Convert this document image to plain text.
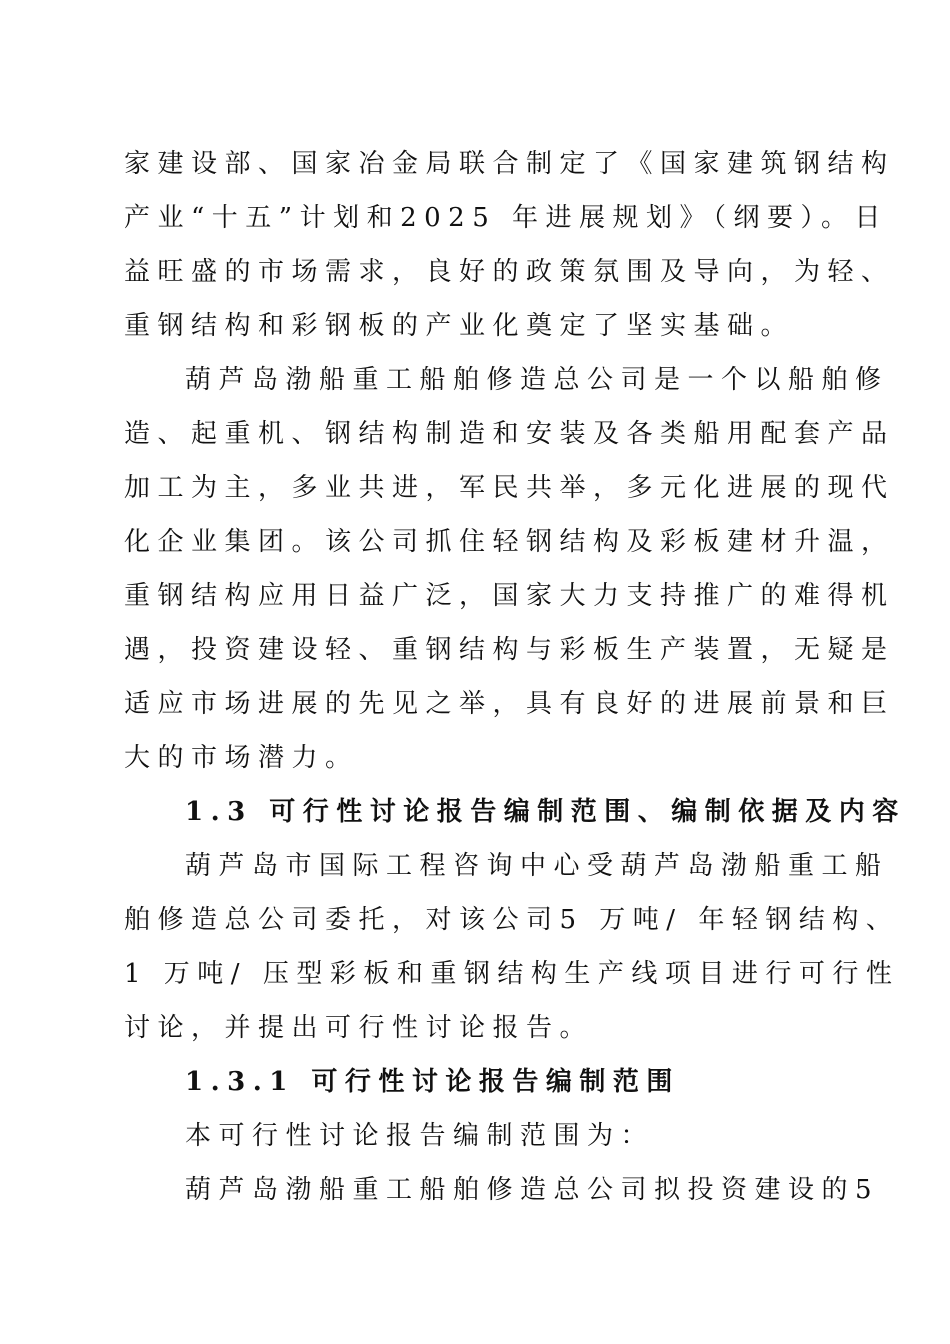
家建设部、国家冶金局联合制定了《国家建筑钢结构
产业“十五”计划和2025 年进展规划》（纲要）。日
益旺盛的市场需求，良好的政策氛围及导向，为轻、
重钢结构和彩钢板的产业化奠定了坚实基础。
葫芦岛渤船重工船舶修造总公司是一个以船舶修
造、起重机、钢结构制造和安装及各类船用配套产品
加工为主，多业共进，军民共举，多元化进展的现代
化企业集团。该公司抓住轻钢结构及彩板建材升温，
重钢结构应用日益广泛，国家大力支持推广的难得机
遇，投资建设轻、重钢结构与彩板生产装置，无疑是
适应市场进展的先见之举，具有良好的进展前景和巨
大的市场潜力。
1.3 可行性讨论报告编制范围、编制依据及内容
葫芦岛市国际工程咨询中心受葫芦岛渤船重工船
舶修造总公司委托，对该公司5 万吨/ 年轻钢结构、
1 万吨/ 压型彩板和重钢结构生产线项目进行可行性
讨论，并提出可行性讨论报告。
1.3.1 可行性讨论报告编制范围
本可行性讨论报告编制范围为：
葫芦岛渤船重工船舶修造总公司拟投资建设的5
